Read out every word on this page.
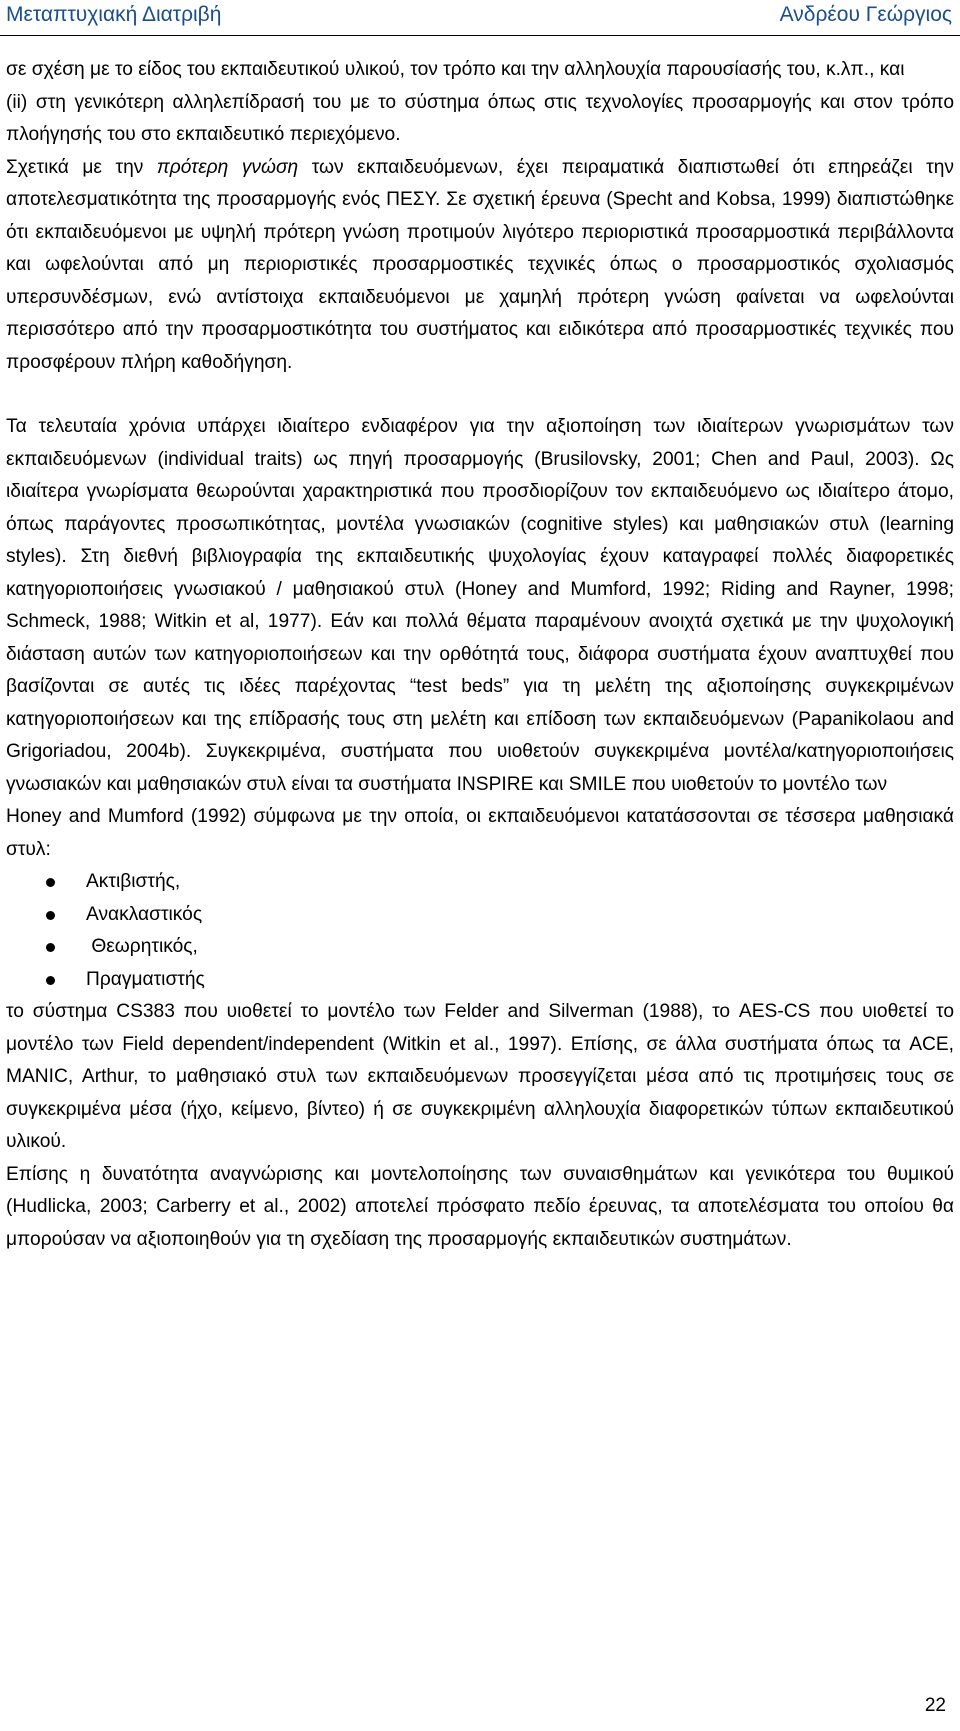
Μεταπτυχιακή Διατριβή	Ανδρέου Γεώργιος

σε σχέση με το είδος του εκπαιδευτικού υλικού, τον τρόπο και την αλληλουχία παρουσίασής του, κ.λπ., και

(ii) στη γενικότερη αλληλεπίδρασή του με το σύστημα όπως στις τεχνολογίες προσαρμογής και στον τρόπο πλοήγησής του στο εκπαιδευτικό περιεχόμενο.

Σχετικά με την πρότερη γνώση των εκπαιδευόμενων, έχει πειραματικά διαπιστωθεί ότι επηρεάζει την αποτελεσματικότητα της προσαρμογής ενός ΠΕΣΥ. Σε σχετική έρευνα (Specht and Kobsa, 1999) διαπιστώθηκε ότι εκπαιδευόμενοι με υψηλή πρότερη γνώση προτιμούν λιγότερο περιοριστικά προσαρμοστικά περιβάλλοντα και ωφελούνται από μη περιοριστικές προσαρμοστικές τεχνικές όπως ο προσαρμοστικός σχολιασμός υπερσυνδέσμων, ενώ αντίστοιχα εκπαιδευόμενοι με χαμηλή πρότερη γνώση φαίνεται να ωφελούνται περισσότερο από την προσαρμοστικότητα του συστήματος και ειδικότερα από προσαρμοστικές τεχνικές που προσφέρουν πλήρη καθοδήγηση.

Τα τελευταία χρόνια υπάρχει ιδιαίτερο ενδιαφέρον για την αξιοποίηση των ιδιαίτερων γνωρισμάτων των εκπαιδευόμενων (individual traits) ως πηγή προσαρμογής (Brusilovsky, 2001; Chen and Paul, 2003). Ως ιδιαίτερα γνωρίσματα θεωρούνται χαρακτηριστικά που προσδιορίζουν τον εκπαιδευόμενο ως ιδιαίτερο άτομο, όπως παράγοντες προσωπικότητας, μοντέλα γνωσιακών (cognitive styles) και μαθησιακών στυλ (learning styles). Στη διεθνή βιβλιογραφία της εκπαιδευτικής ψυχολογίας έχουν καταγραφεί πολλές διαφορετικές κατηγοριοποιήσεις γνωσιακού / μαθησιακού στυλ (Honey and Mumford, 1992; Riding and Rayner, 1998; Schmeck, 1988; Witkin et al, 1977). Εάν και πολλά θέματα παραμένουν ανοιχτά σχετικά με την ψυχολογική διάσταση αυτών των κατηγοριοποιήσεων και την ορθότητά τους, διάφορα συστήματα έχουν αναπτυχθεί που βασίζονται σε αυτές τις ιδέες παρέχοντας “test beds” για τη μελέτη της αξιοποίησης συγκεκριμένων κατηγοριοποιήσεων και της επίδρασής τους στη μελέτη και επίδοση των εκπαιδευόμενων (Papanikolaou and Grigoriadou, 2004b). Συγκεκριμένα, συστήματα που υιοθετούν συγκεκριμένα μοντέλα/κατηγοριοποιήσεις γνωσιακών και μαθησιακών στυλ είναι τα συστήματα INSPIRE και SMILE που υιοθετούν το μοντέλο των

Honey and Mumford (1992) σύμφωνα με την οποία, οι εκπαιδευόμενοι κατατάσσονται σε τέσσερα μαθησιακά στυλ:

Ακτιβιστής,
Ανακλαστικός
Θεωρητικός,
Πραγματιστής

το σύστημα CS383 που υιοθετεί το μοντέλο των Felder and Silverman (1988), το AES-CS που υιοθετεί το μοντέλο των Field dependent/independent (Witkin et al., 1997). Επίσης, σε άλλα συστήματα όπως τα ACE, MANIC, Arthur, το μαθησιακό στυλ των εκπαιδευόμενων προσεγγίζεται μέσα από τις προτιμήσεις τους σε συγκεκριμένα μέσα (ήχο, κείμενο, βίντεο) ή σε συγκεκριμένη αλληλουχία διαφορετικών τύπων εκπαιδευτικού υλικού.

Επίσης η δυνατότητα αναγνώρισης και μοντελοποίησης των συναισθημάτων και γενικότερα του θυμικού (Hudlicka, 2003; Carberry et al., 2002) αποτελεί πρόσφατο πεδίο έρευνας, τα αποτελέσματα του οποίου θα μπορούσαν να αξιοποιηθούν για τη σχεδίαση της προσαρμογής εκπαιδευτικών συστημάτων.

22
